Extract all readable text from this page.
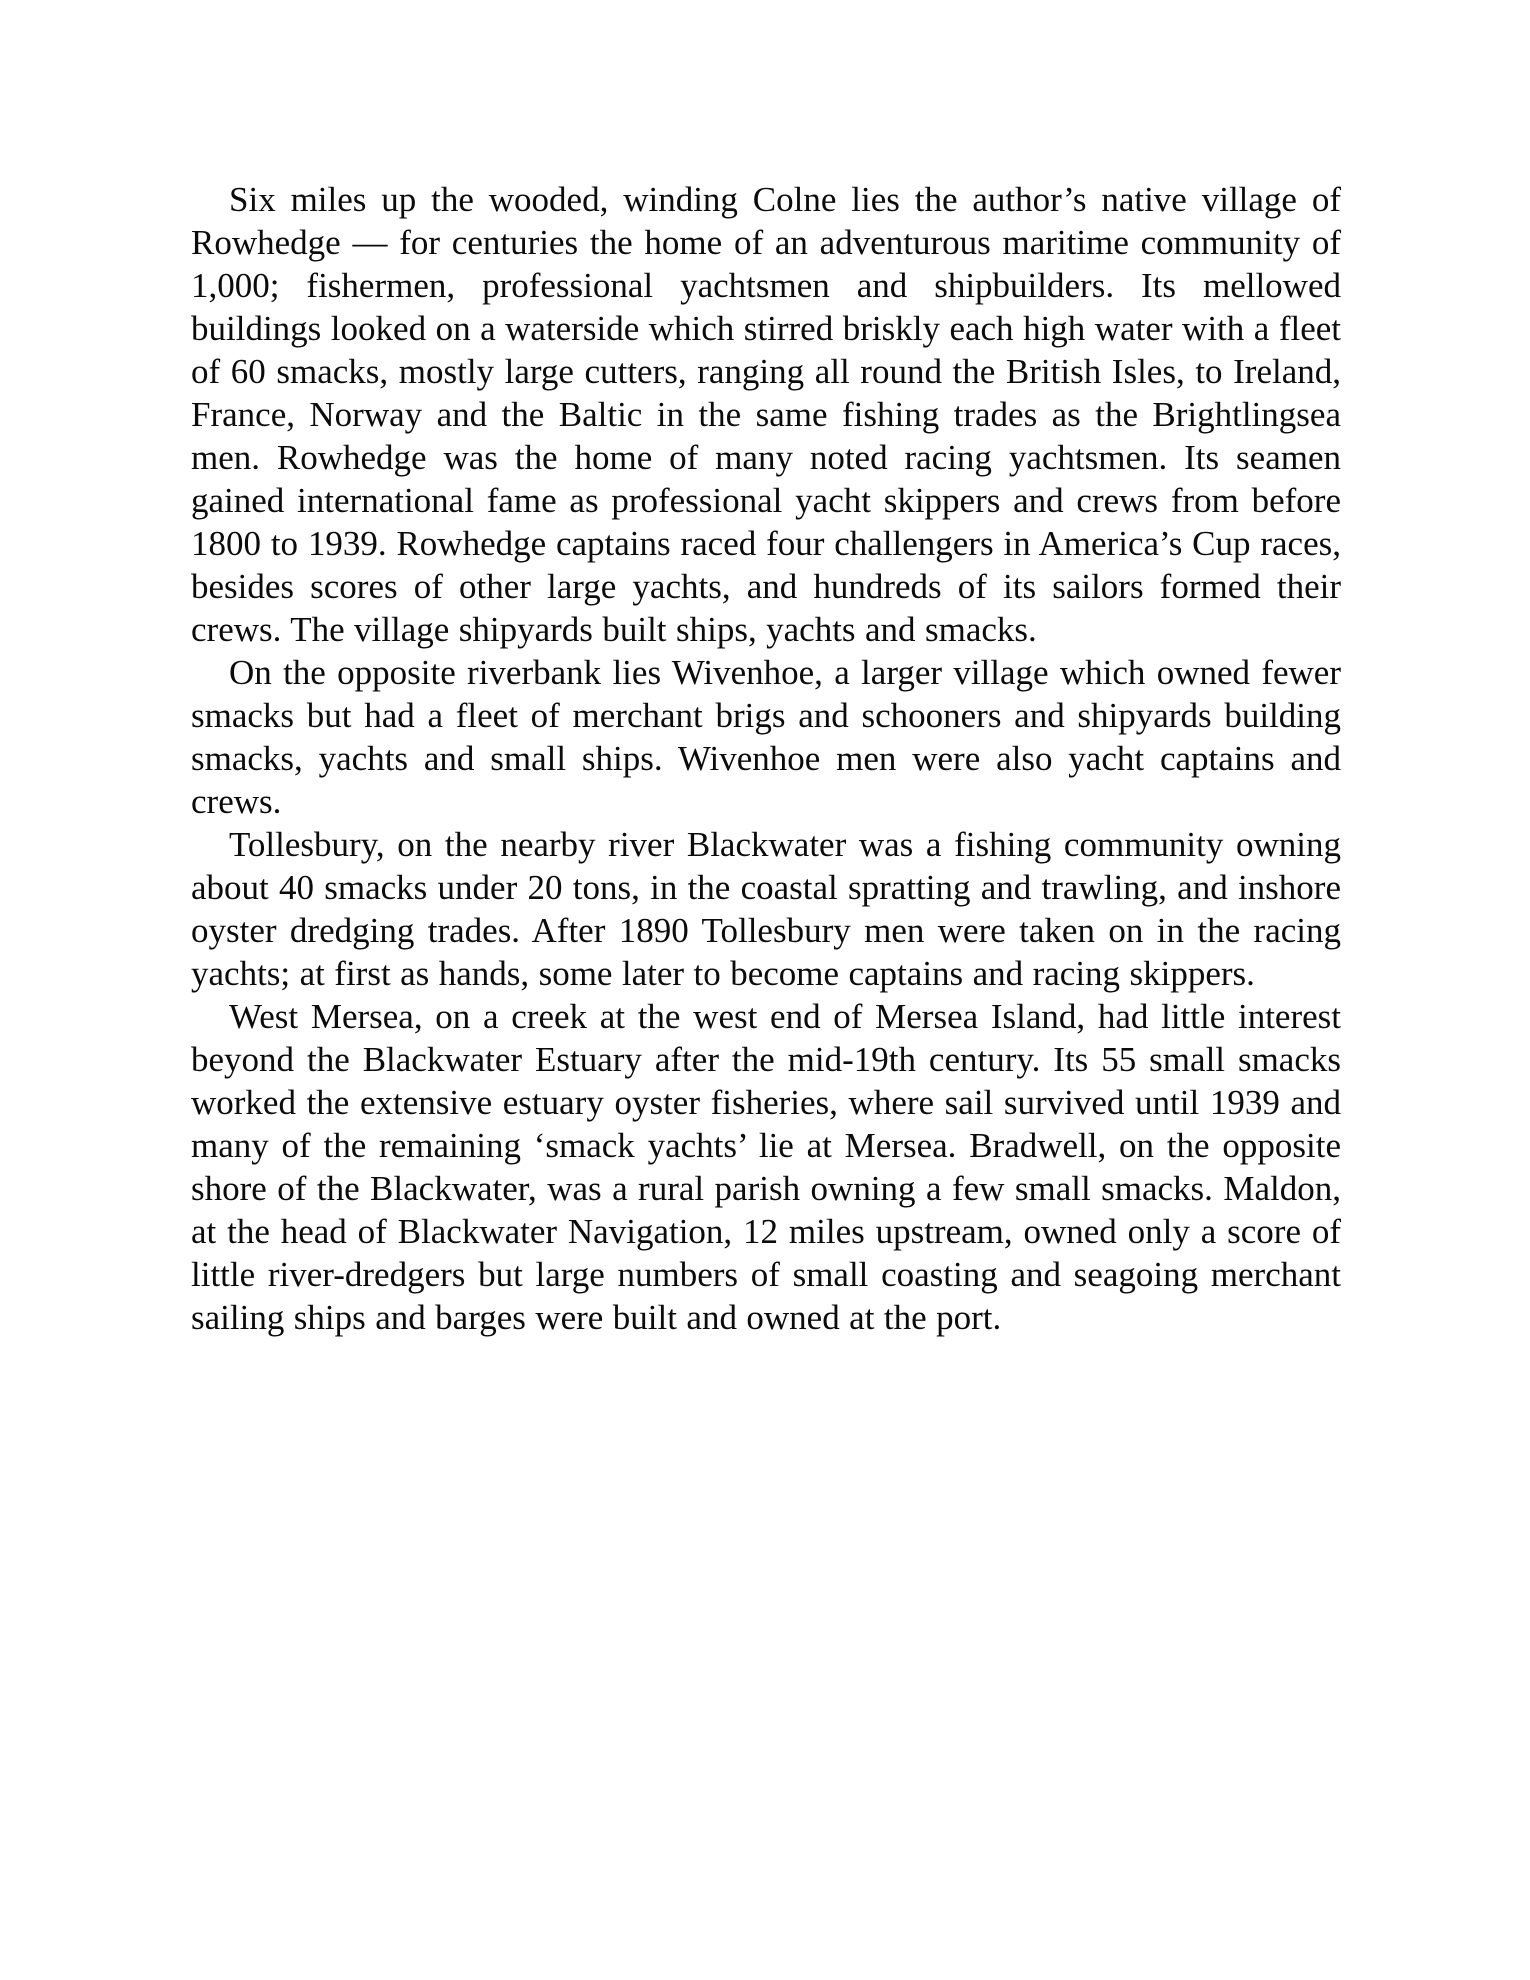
Six miles up the wooded, winding Colne lies the author’s native village of Rowhedge — for centuries the home of an adventurous maritime community of 1,000; fishermen, professional yachtsmen and shipbuilders. Its mellowed buildings looked on a waterside which stirred briskly each high water with a fleet of 60 smacks, mostly large cutters, ranging all round the British Isles, to Ireland, France, Norway and the Baltic in the same fishing trades as the Brightlingsea men. Rowhedge was the home of many noted racing yachtsmen. Its seamen gained international fame as professional yacht skippers and crews from before 1800 to 1939. Rowhedge captains raced four challengers in America’s Cup races, besides scores of other large yachts, and hundreds of its sailors formed their crews. The village shipyards built ships, yachts and smacks.

On the opposite riverbank lies Wivenhoe, a larger village which owned fewer smacks but had a fleet of merchant brigs and schooners and shipyards building smacks, yachts and small ships. Wivenhoe men were also yacht captains and crews.

Tollesbury, on the nearby river Blackwater was a fishing community owning about 40 smacks under 20 tons, in the coastal spratting and trawling, and inshore oyster dredging trades. After 1890 Tollesbury men were taken on in the racing yachts; at first as hands, some later to become captains and racing skippers.

West Mersea, on a creek at the west end of Mersea Island, had little interest beyond the Blackwater Estuary after the mid-19th century. Its 55 small smacks worked the extensive estuary oyster fisheries, where sail survived until 1939 and many of the remaining ‘smack yachts’ lie at Mersea. Bradwell, on the opposite shore of the Blackwater, was a rural parish owning a few small smacks. Maldon, at the head of Blackwater Navigation, 12 miles upstream, owned only a score of little river-dredgers but large numbers of small coasting and seagoing merchant sailing ships and barges were built and owned at the port.
